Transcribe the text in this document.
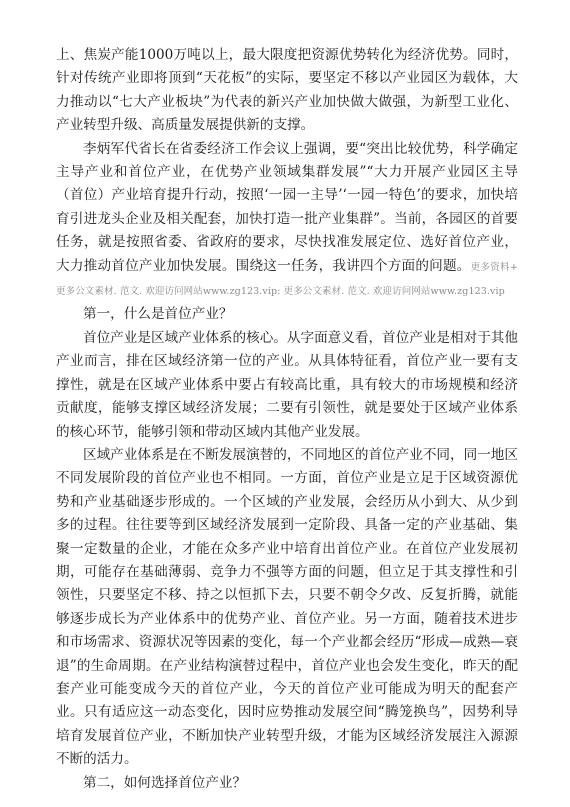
上、焦炭产能1000万吨以上，最大限度把资源优势转化为经济优势。同时，针对传统产业即将顶到“天花板”的实际，要坚定不移以产业园区为载体，大力推动以“七大产业板块”为代表的新兴产业加快做大做强，为新型工业化、产业转型升级、高质量发展提供新的支撑。

李炳军代省长在省委经济工作会议上强调，要“突出比较优势，科学确定主导产业和首位产业，在优势产业领域集群发展”“大力开展产业园区主导（首位）产业培育提升行动，按照‘一园一主导’‘一园一特色’的要求，加快培育引进龙头企业及相关配套，加快打造一批产业集群”。当前，各园区的首要任务，就是按照省委、省政府的要求，尽快找准发展定位、选好首位产业，大力推动首位产业加快发展。围绕这一任务，我讲四个方面的问题。更多资料+ 更多公文素材. 范文. 欢迎访问网站www.zg123.vip: 更多公文素材. 范文. 欢迎访问网站www.zg123.vip

第一，什么是首位产业？

首位产业是区域产业体系的核心。从字面意义看，首位产业是相对于其他产业而言，排在区域经济第一位的产业。从具体特征看，首位产业一要有支撑性，就是在区域产业体系中要占有较高比重，具有较大的市场规模和经济贡献度，能够支撑区域经济发展；二要有引领性，就是要处于区域产业体系的核心环节，能够引领和带动区域内其他产业发展。

区域产业体系是在不断发展演替的，不同地区的首位产业不同，同一地区不同发展阶段的首位产业也不相同。一方面，首位产业是立足于区域资源优势和产业基础逐步形成的。一个区域的产业发展，会经历从小到大、从少到多的过程。往往要等到区域经济发展到一定阶段、具备一定的产业基础、集聚一定数量的企业，才能在众多产业中培育出首位产业。在首位产业发展初期，可能存在基础薄弱、竞争力不强等方面的问题，但立足于其支撑性和引领性，只要坚定不移、持之以恒抓下去，只要不朝令夕改、反复折腾，就能够逐步成长为产业体系中的优势产业、首位产业。另一方面，随着技术进步和市场需求、资源状况等因素的变化，每一个产业都会经历“形成—成熟—衰退”的生命周期。在产业结构演替过程中，首位产业也会发生变化，昨天的配套产业可能变成今天的首位产业，今天的首位产业可能成为明天的配套产业。只有适应这一动态变化，因时应势推动发展空间“腾笼换鸟”，因势利导培育发展首位产业，不断加快产业转型升级，才能为区域经济发展注入源源不断的活力。

第二，如何选择首位产业？
